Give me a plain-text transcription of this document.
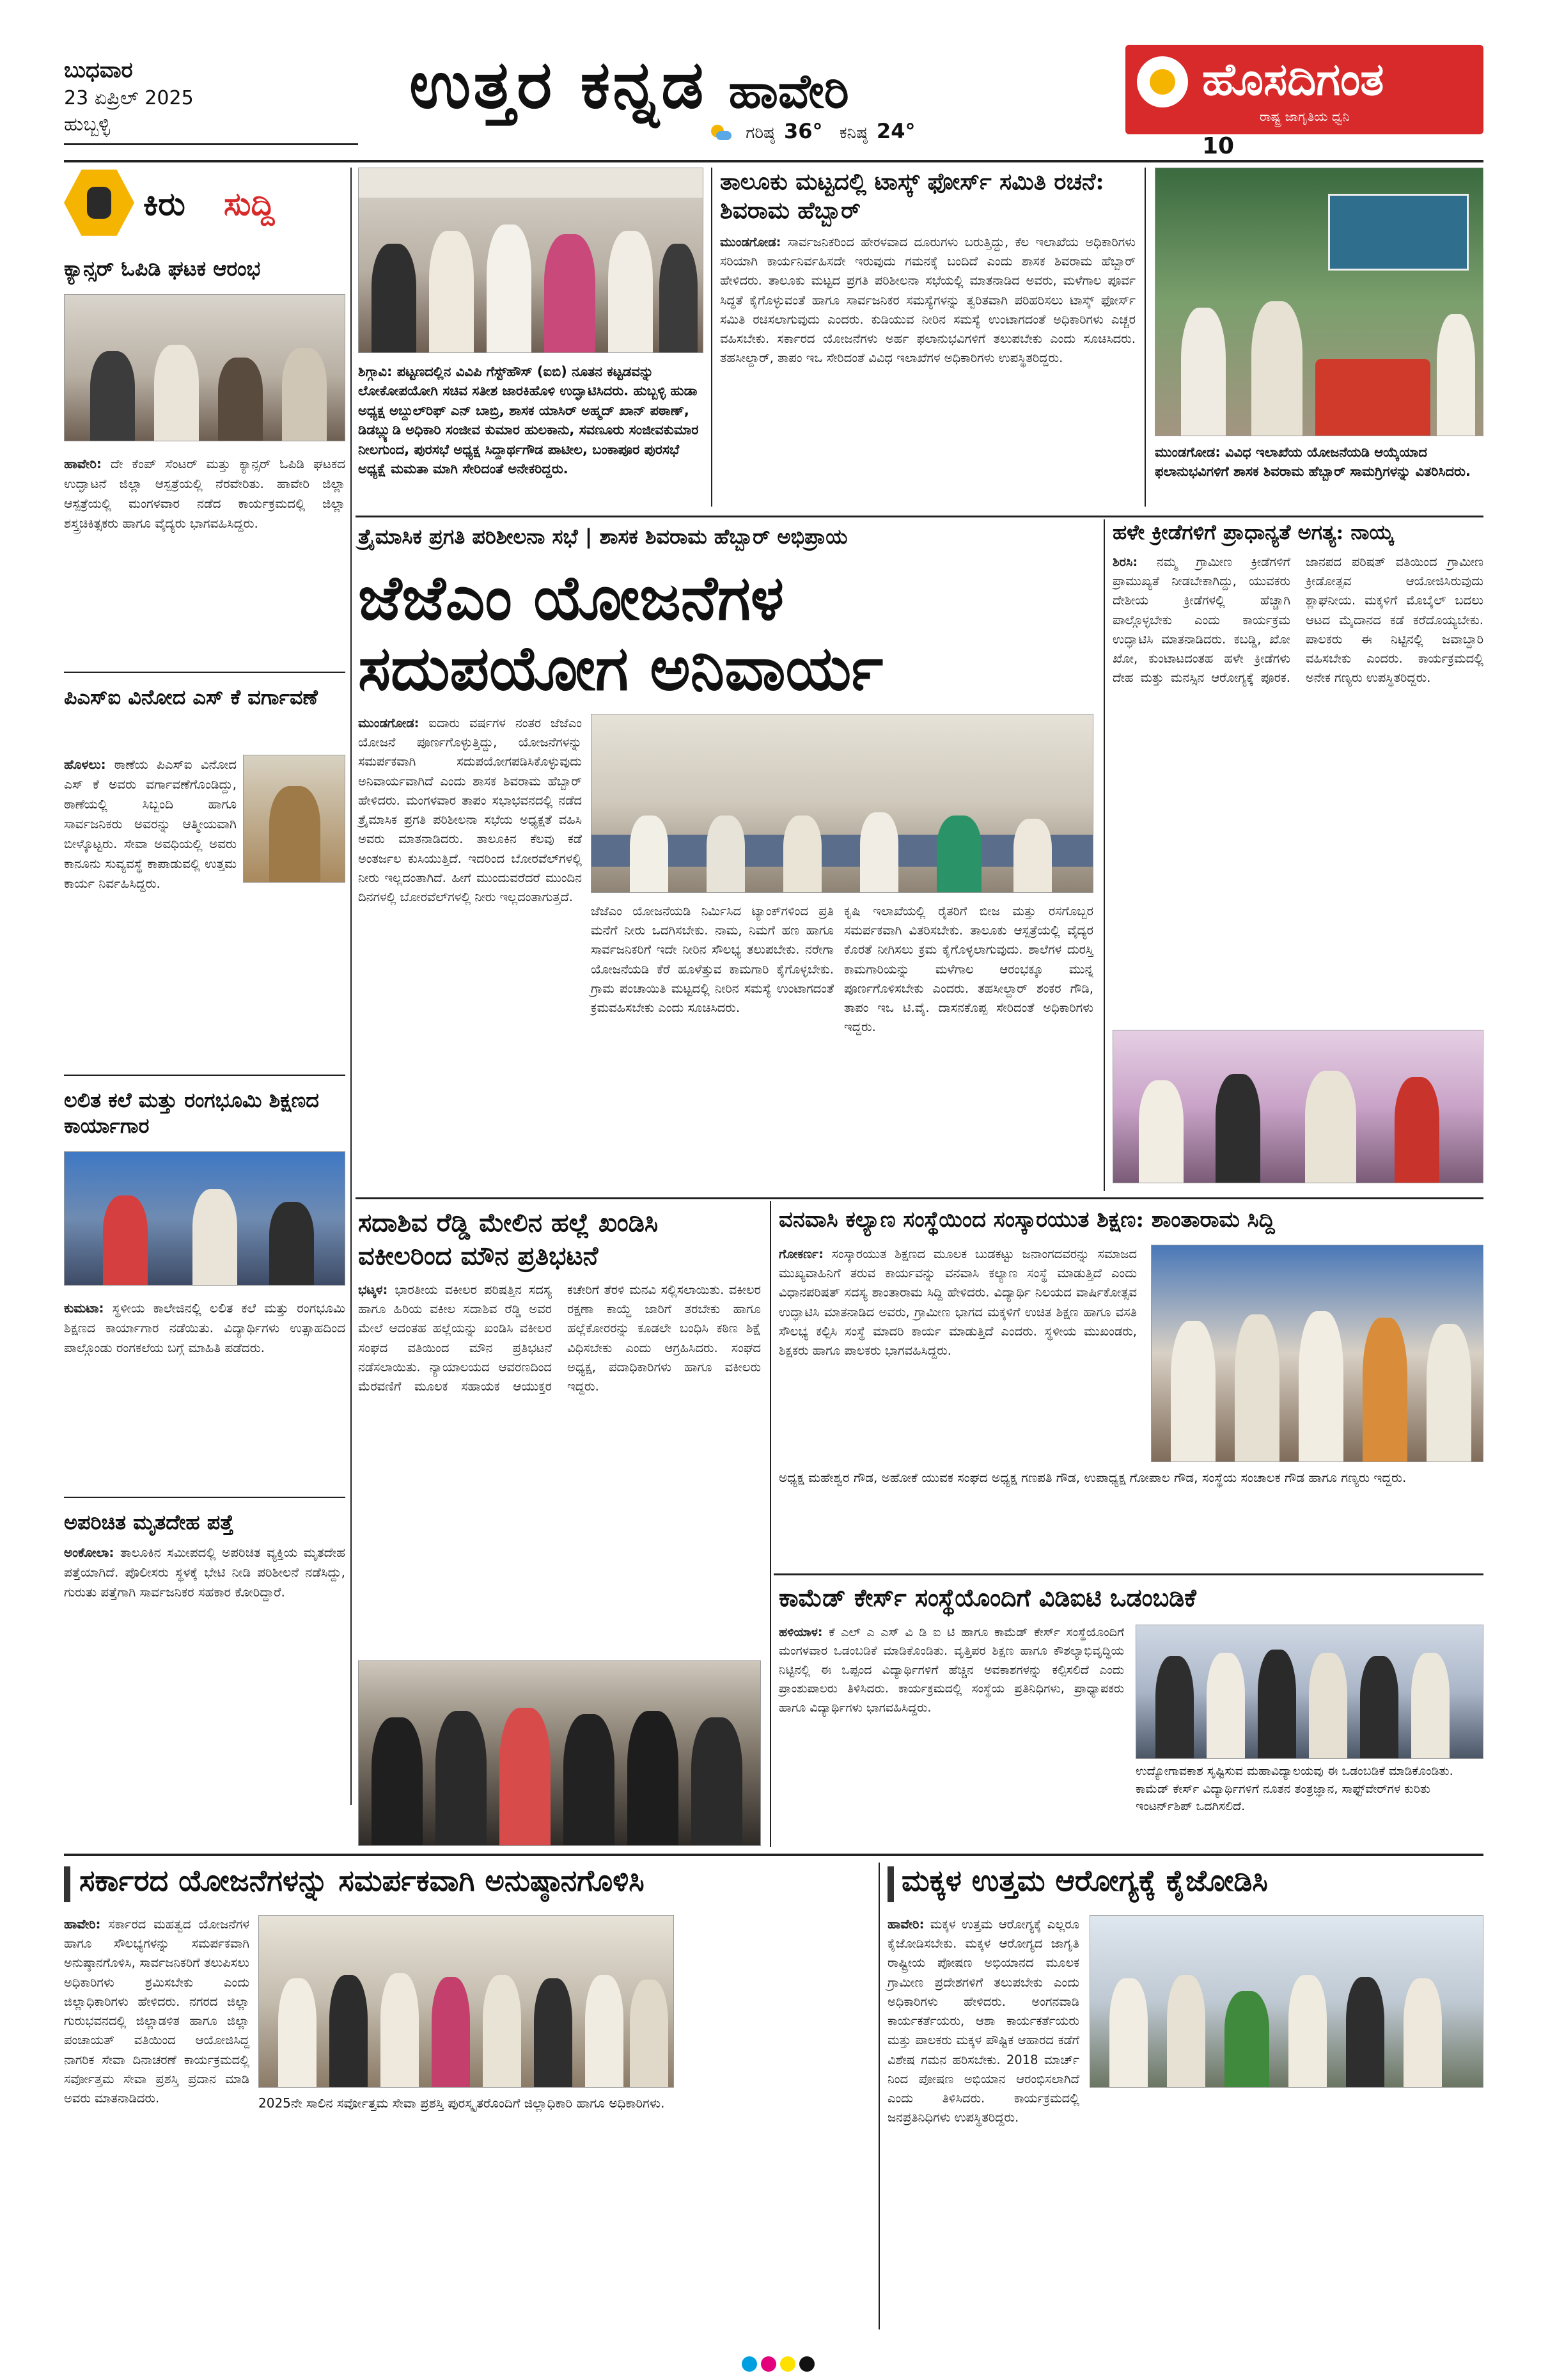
ಬುಧವಾರ
23 ಏಪ್ರಿಲ್ 2025
ಹುಬ್ಬಳ್ಳಿ
ಉತ್ತರ ಕನ್ನಡ ಹಾವೇರಿ
ಗರಿಷ್ಠ 36° ಕನಿಷ್ಠ 24°
ಹೊಸದಿಗಂತ
ರಾಷ್ಟ್ರ ಜಾಗೃತಿಯ ಧ್ವನಿ
10
ಕಿರು ಸುದ್ದಿ
ಕ್ಯಾನ್ಸರ್ ಓಪಿಡಿ ಘಟಕ ಆರಂಭ

ಹಾವೇರಿ: ದೇ ಕೆಂಪ್ ಸೆಂಟರ್ ಮತ್ತು ಕ್ಯಾನ್ಸರ್ ಓಪಿಡಿ ಘಟಕದ ಉದ್ಘಾಟನೆ ಜಿಲ್ಲಾ ಆಸ್ಪತ್ರೆಯಲ್ಲಿ ನೆರವೇರಿತು. ಹಾವೇರಿ ಜಿಲ್ಲಾ ಆಸ್ಪತ್ರೆಯಲ್ಲಿ ಮಂಗಳವಾರ ನಡೆದ ಕಾರ್ಯಕ್ರಮದಲ್ಲಿ ಜಿಲ್ಲಾ ಶಸ್ತ್ರಚಿಕಿತ್ಸಕರು ಹಾಗೂ ವೈದ್ಯರು ಭಾಗವಹಿಸಿದ್ದರು.

ಪಿಎಸ್‌ಐ ವಿನೋದ ಎಸ್ ಕೆ ವರ್ಗಾವಣೆ

ಹೊಳಲು: ಠಾಣೆಯ ಪಿಎಸ್‌ಐ ವಿನೋದ ಎಸ್ ಕೆ ಅವರು ವರ್ಗಾವಣೆಗೊಂಡಿದ್ದು, ಠಾಣೆಯಲ್ಲಿ ಸಿಬ್ಬಂದಿ ಹಾಗೂ ಸಾರ್ವಜನಿಕರು ಅವರನ್ನು ಆತ್ಮೀಯವಾಗಿ ಬೀಳ್ಕೊಟ್ಟರು. ಸೇವಾ ಅವಧಿಯಲ್ಲಿ ಅವರು ಕಾನೂನು ಸುವ್ಯವಸ್ಥೆ ಕಾಪಾಡುವಲ್ಲಿ ಉತ್ತಮ ಕಾರ್ಯ ನಿರ್ವಹಿಸಿದ್ದರು.

ಲಲಿತ ಕಲೆ ಮತ್ತು ರಂಗಭೂಮಿ ಶಿಕ್ಷಣದ ಕಾರ್ಯಾಗಾರ

ಕುಮಟಾ: ಸ್ಥಳೀಯ ಕಾಲೇಜಿನಲ್ಲಿ ಲಲಿತ ಕಲೆ ಮತ್ತು ರಂಗಭೂಮಿ ಶಿಕ್ಷಣದ ಕಾರ್ಯಾಗಾರ ನಡೆಯಿತು. ವಿದ್ಯಾರ್ಥಿಗಳು ಉತ್ಸಾಹದಿಂದ ಪಾಲ್ಗೊಂಡು ರಂಗಕಲೆಯ ಬಗ್ಗೆ ಮಾಹಿತಿ ಪಡೆದರು.

ಅಪರಿಚಿತ ಮೃತದೇಹ ಪತ್ತೆ

ಅಂಕೋಲಾ: ತಾಲೂಕಿನ ಸಮೀಪದಲ್ಲಿ ಅಪರಿಚಿತ ವ್ಯಕ್ತಿಯ ಮೃತದೇಹ ಪತ್ತೆಯಾಗಿದೆ. ಪೊಲೀಸರು ಸ್ಥಳಕ್ಕೆ ಭೇಟಿ ನೀಡಿ ಪರಿಶೀಲನೆ ನಡೆಸಿದ್ದು, ಗುರುತು ಪತ್ತೆಗಾಗಿ ಸಾರ್ವಜನಿಕರ ಸಹಕಾರ ಕೋರಿದ್ದಾರೆ.

ಶಿಗ್ಗಾವಿ: ಪಟ್ಟಣದಲ್ಲಿನ ವಿವಿಪಿ ಗೆಸ್ಟ್‌ಹೌಸ್ (ಐಬಿ) ನೂತನ ಕಟ್ಟಡವನ್ನು ಲೋಕೋಪಯೋಗಿ ಸಚಿವ ಸತೀಶ ಜಾರಕಿಹೊಳಿ ಉದ್ಘಾಟಿಸಿದರು. ಹುಬ್ಬಳ್ಳಿ ಹುಡಾ ಅಧ್ಯಕ್ಷ ಅಬ್ದುಲ್‌ರಿಫ್ ಎನ್ ಬಾಬ್ರಿ, ಶಾಸಕ ಯಾಸಿರ್ ಅಹ್ಮದ್ ಖಾನ್ ಪಠಾಣ್, ಡಿಡಬ್ಲ್ಯುಡಿ ಅಧಿಕಾರಿ ಸಂಜೀವ ಕುಮಾರ ಹುಲಕಾನು, ಸವಣೂರು ಸಂಜೀವಕುಮಾರ ನೀಲಗುಂದ, ಪುರಸಭೆ ಅಧ್ಯಕ್ಷ ಸಿದ್ದಾರ್ಥಗೌಡ ಪಾಟೀಲ, ಬಂಕಾಪೂರ ಪುರಸಭೆ ಅಧ್ಯಕ್ಷೆ ಮಮತಾ ಮಾಗಿ ಸೇರಿದಂತೆ ಅನೇಕರಿದ್ದರು.

ತಾಲೂಕು ಮಟ್ಟದಲ್ಲಿ ಟಾಸ್ಕ್ ಫೋರ್ಸ್ ಸಮಿತಿ ರಚನೆ: ಶಿವರಾಮ ಹೆಬ್ಬಾರ್

ಮುಂಡಗೋಡ: ಸಾರ್ವಜನಿಕರಿಂದ ಹೇರಳವಾದ ದೂರುಗಳು ಬರುತ್ತಿದ್ದು, ಕೆಲ ಇಲಾಖೆಯ ಅಧಿಕಾರಿಗಳು ಸರಿಯಾಗಿ ಕಾರ್ಯನಿರ್ವಹಿಸದೇ ಇರುವುದು ಗಮನಕ್ಕೆ ಬಂದಿದೆ ಎಂದು ಶಾಸಕ ಶಿವರಾಮ ಹೆಬ್ಬಾರ್ ಹೇಳಿದರು. ತಾಲೂಕು ಮಟ್ಟದ ಪ್ರಗತಿ ಪರಿಶೀಲನಾ ಸಭೆಯಲ್ಲಿ ಮಾತನಾಡಿದ ಅವರು, ಮಳೆಗಾಲ ಪೂರ್ವ ಸಿದ್ಧತೆ ಕೈಗೊಳ್ಳುವಂತೆ ಹಾಗೂ ಸಾರ್ವಜನಿಕರ ಸಮಸ್ಯೆಗಳನ್ನು ತ್ವರಿತವಾಗಿ ಪರಿಹರಿಸಲು ಟಾಸ್ಕ್ ಫೋರ್ಸ್ ಸಮಿತಿ ರಚಿಸಲಾಗುವುದು ಎಂದರು. ಕುಡಿಯುವ ನೀರಿನ ಸಮಸ್ಯೆ ಉಂಟಾಗದಂತೆ ಅಧಿಕಾರಿಗಳು ಎಚ್ಚರ ವಹಿಸಬೇಕು. ಸರ್ಕಾರದ ಯೋಜನೆಗಳು ಅರ್ಹ ಫಲಾನುಭವಿಗಳಿಗೆ ತಲುಪಬೇಕು ಎಂದು ಸೂಚಿಸಿದರು. ತಹಸೀಲ್ದಾರ್, ತಾಪಂ ಇಒ ಸೇರಿದಂತೆ ವಿವಿಧ ಇಲಾಖೆಗಳ ಅಧಿಕಾರಿಗಳು ಉಪಸ್ಥಿತರಿದ್ದರು.

ಮುಂಡಗೋಡ: ವಿವಿಧ ಇಲಾಖೆಯ ಯೋಜನೆಯಡಿ ಆಯ್ಕೆಯಾದ ಫಲಾನುಭವಿಗಳಿಗೆ ಶಾಸಕ ಶಿವರಾಮ ಹೆಬ್ಬಾರ್ ಸಾಮಗ್ರಿಗಳನ್ನು ವಿತರಿಸಿದರು.

ತ್ರೈಮಾಸಿಕ ಪ್ರಗತಿ ಪರಿಶೀಲನಾ ಸಭೆ | ಶಾಸಕ ಶಿವರಾಮ ಹೆಬ್ಬಾರ್ ಅಭಿಪ್ರಾಯ
ಜೆಜೆಎಂ ಯೋಜನೆಗಳ
ಸದುಪಯೋಗ ಅನಿವಾರ್ಯ

ಮುಂಡಗೋಡ: ಐದಾರು ವರ್ಷಗಳ ನಂತರ ಜೆಜೆಎಂ ಯೋಜನೆ ಪೂರ್ಣಗೊಳ್ಳುತ್ತಿದ್ದು, ಯೋಜನೆಗಳನ್ನು ಸಮರ್ಪಕವಾಗಿ ಸದುಪಯೋಗಪಡಿಸಿಕೊಳ್ಳುವುದು ಅನಿವಾರ್ಯವಾಗಿದೆ ಎಂದು ಶಾಸಕ ಶಿವರಾಮ ಹೆಬ್ಬಾರ್ ಹೇಳಿದರು. ಮಂಗಳವಾರ ತಾಪಂ ಸಭಾಭವನದಲ್ಲಿ ನಡೆದ ತ್ರೈಮಾಸಿಕ ಪ್ರಗತಿ ಪರಿಶೀಲನಾ ಸಭೆಯ ಅಧ್ಯಕ್ಷತೆ ವಹಿಸಿ ಅವರು ಮಾತನಾಡಿದರು. ತಾಲೂಕಿನ ಕೆಲವು ಕಡೆ ಅಂತರ್ಜಲ ಕುಸಿಯುತ್ತಿದೆ. ಇದರಿಂದ ಬೋರವೆಲ್‌ಗಳಲ್ಲಿ ನೀರು ಇಲ್ಲದಂತಾಗಿದೆ. ಹೀಗೆ ಮುಂದುವರೆದರೆ ಮುಂದಿನ ದಿನಗಳಲ್ಲಿ ಬೋರವೆಲ್‌ಗಳಲ್ಲಿ ನೀರು ಇಲ್ಲದಂತಾಗುತ್ತದೆ.

ಜೆಜೆಎಂ ಯೋಜನೆಯಡಿ ನಿರ್ಮಿಸಿದ ಟ್ಯಾಂಕ್‌ಗಳಿಂದ ಪ್ರತಿ ಮನೆಗೆ ನೀರು ಒದಗಿಸಬೇಕು. ನಾಮ, ನಿಮಗೆ ಹಣ ಹಾಗೂ ಸಾರ್ವಜನಿಕರಿಗೆ ಇದೇ ನೀರಿನ ಸೌಲಭ್ಯ ತಲುಪಬೇಕು. ನರೇಗಾ ಯೋಜನೆಯಡಿ ಕೆರೆ ಹೂಳೆತ್ತುವ ಕಾಮಗಾರಿ ಕೈಗೊಳ್ಳಬೇಕು. ಗ್ರಾಮ ಪಂಚಾಯಿತಿ ಮಟ್ಟದಲ್ಲಿ ನೀರಿನ ಸಮಸ್ಯೆ ಉಂಟಾಗದಂತೆ ಕ್ರಮವಹಿಸಬೇಕು ಎಂದು ಸೂಚಿಸಿದರು.

ಕೃಷಿ ಇಲಾಖೆಯಲ್ಲಿ ರೈತರಿಗೆ ಬೀಜ ಮತ್ತು ರಸಗೊಬ್ಬರ ಸಮರ್ಪಕವಾಗಿ ವಿತರಿಸಬೇಕು. ತಾಲೂಕು ಆಸ್ಪತ್ರೆಯಲ್ಲಿ ವೈದ್ಯರ ಕೊರತೆ ನೀಗಿಸಲು ಕ್ರಮ ಕೈಗೊಳ್ಳಲಾಗುವುದು. ಶಾಲೆಗಳ ದುರಸ್ತಿ ಕಾಮಗಾರಿಯನ್ನು ಮಳೆಗಾಲ ಆರಂಭಕ್ಕೂ ಮುನ್ನ ಪೂರ್ಣಗೊಳಿಸಬೇಕು ಎಂದರು. ತಹಸೀಲ್ದಾರ್ ಶಂಕರ ಗೌಡಿ, ತಾಪಂ ಇಒ ಟಿ.ವೈ. ದಾಸನಕೊಪ್ಪ ಸೇರಿದಂತೆ ಅಧಿಕಾರಿಗಳು ಇದ್ದರು.

ಹಳೇ ಕ್ರೀಡೆಗಳಿಗೆ ಪ್ರಾಧಾನ್ಯತೆ ಅಗತ್ಯ: ನಾಯ್ಕ

ಶಿರಸಿ: ನಮ್ಮ ಗ್ರಾಮೀಣ ಕ್ರೀಡೆಗಳಿಗೆ ಪ್ರಾಮುಖ್ಯತೆ ನೀಡಬೇಕಾಗಿದ್ದು, ಯುವಕರು ದೇಶೀಯ ಕ್ರೀಡೆಗಳಲ್ಲಿ ಹೆಚ್ಚಾಗಿ ಪಾಲ್ಗೊಳ್ಳಬೇಕು ಎಂದು ಕಾರ್ಯಕ್ರಮ ಉದ್ಘಾಟಿಸಿ ಮಾತನಾಡಿದರು. ಕಬಡ್ಡಿ, ಖೋ ಖೋ, ಕುಂಟಾಟದಂತಹ ಹಳೇ ಕ್ರೀಡೆಗಳು ದೇಹ ಮತ್ತು ಮನಸ್ಸಿನ ಆರೋಗ್ಯಕ್ಕೆ ಪೂರಕ. ಜಾನಪದ ಪರಿಷತ್ ವತಿಯಿಂದ ಗ್ರಾಮೀಣ ಕ್ರೀಡೋತ್ಸವ ಆಯೋಜಿಸಿರುವುದು ಶ್ಲಾಘನೀಯ. ಮಕ್ಕಳಿಗೆ ಮೊಬೈಲ್ ಬದಲು ಆಟದ ಮೈದಾನದ ಕಡೆ ಕರೆದೊಯ್ಯಬೇಕು. ಪಾಲಕರು ಈ ನಿಟ್ಟಿನಲ್ಲಿ ಜವಾಬ್ದಾರಿ ವಹಿಸಬೇಕು ಎಂದರು. ಕಾರ್ಯಕ್ರಮದಲ್ಲಿ ಅನೇಕ ಗಣ್ಯರು ಉಪಸ್ಥಿತರಿದ್ದರು.

ಸದಾಶಿವ ರೆಡ್ಡಿ ಮೇಲಿನ ಹಲ್ಲೆ ಖಂಡಿಸಿ
ವಕೀಲರಿಂದ ಮೌನ ಪ್ರತಿಭಟನೆ

ಭಟ್ಕಳ: ಭಾರತೀಯ ವಕೀಲರ ಪರಿಷತ್ತಿನ ಸದಸ್ಯ ಹಾಗೂ ಹಿರಿಯ ವಕೀಲ ಸದಾಶಿವ ರೆಡ್ಡಿ ಅವರ ಮೇಲೆ ಆದಂತಹ ಹಲ್ಲೆಯನ್ನು ಖಂಡಿಸಿ ವಕೀಲರ ಸಂಘದ ವತಿಯಿಂದ ಮೌನ ಪ್ರತಿಭಟನೆ ನಡೆಸಲಾಯಿತು. ನ್ಯಾಯಾಲಯದ ಆವರಣದಿಂದ ಮೆರವಣಿಗೆ ಮೂಲಕ ಸಹಾಯಕ ಆಯುಕ್ತರ ಕಚೇರಿಗೆ ತೆರಳಿ ಮನವಿ ಸಲ್ಲಿಸಲಾಯಿತು. ವಕೀಲರ ರಕ್ಷಣಾ ಕಾಯ್ದೆ ಜಾರಿಗೆ ತರಬೇಕು ಹಾಗೂ ಹಲ್ಲೆಕೋರರನ್ನು ಕೂಡಲೇ ಬಂಧಿಸಿ ಕಠಿಣ ಶಿಕ್ಷೆ ವಿಧಿಸಬೇಕು ಎಂದು ಆಗ್ರಹಿಸಿದರು. ಸಂಘದ ಅಧ್ಯಕ್ಷ, ಪದಾಧಿಕಾರಿಗಳು ಹಾಗೂ ವಕೀಲರು ಇದ್ದರು.

ವನವಾಸಿ ಕಲ್ಯಾಣ ಸಂಸ್ಥೆಯಿಂದ ಸಂಸ್ಕಾರಯುತ ಶಿಕ್ಷಣ: ಶಾಂತಾರಾಮ ಸಿದ್ದಿ

ಗೋಕರ್ಣ: ಸಂಸ್ಕಾರಯುತ ಶಿಕ್ಷಣದ ಮೂಲಕ ಬುಡಕಟ್ಟು ಜನಾಂಗದವರನ್ನು ಸಮಾಜದ ಮುಖ್ಯವಾಹಿನಿಗೆ ತರುವ ಕಾರ್ಯವನ್ನು ವನವಾಸಿ ಕಲ್ಯಾಣ ಸಂಸ್ಥೆ ಮಾಡುತ್ತಿದೆ ಎಂದು ವಿಧಾನಪರಿಷತ್ ಸದಸ್ಯ ಶಾಂತಾರಾಮ ಸಿದ್ದಿ ಹೇಳಿದರು. ವಿದ್ಯಾರ್ಥಿ ನಿಲಯದ ವಾರ್ಷಿಕೋತ್ಸವ ಉದ್ಘಾಟಿಸಿ ಮಾತನಾಡಿದ ಅವರು, ಗ್ರಾಮೀಣ ಭಾಗದ ಮಕ್ಕಳಿಗೆ ಉಚಿತ ಶಿಕ್ಷಣ ಹಾಗೂ ವಸತಿ ಸೌಲಭ್ಯ ಕಲ್ಪಿಸಿ ಸಂಸ್ಥೆ ಮಾದರಿ ಕಾರ್ಯ ಮಾಡುತ್ತಿದೆ ಎಂದರು. ಸ್ಥಳೀಯ ಮುಖಂಡರು, ಶಿಕ್ಷಕರು ಹಾಗೂ ಪಾಲಕರು ಭಾಗವಹಿಸಿದ್ದರು.

ಅಧ್ಯಕ್ಷ ಮಹೇಶ್ವರ ಗೌಡ, ಅಹೋಕೆ ಯುವಕ ಸಂಘದ ಅಧ್ಯಕ್ಷ ಗಣಪತಿ ಗೌಡ, ಉಪಾಧ್ಯಕ್ಷ ಗೋಪಾಲ ಗೌಡ, ಸಂಸ್ಥೆಯ ಸಂಚಾಲಕ ಗೌಡ ಹಾಗೂ ಗಣ್ಯರು ಇದ್ದರು.

ಕಾಮೆಡ್ ಕೇರ್ಸ್ ಸಂಸ್ಥೆಯೊಂದಿಗೆ ವಿಡಿಐಟಿ ಒಡಂಬಡಿಕೆ

ಹಳಿಯಾಳ: ಕೆ ಎಲ್ ಎ ಎಸ್ ವಿ ಡಿ ಐ ಟಿ ಹಾಗೂ ಕಾಮೆಡ್ ಕೇರ್ಸ್ ಸಂಸ್ಥೆಯೊಂದಿಗೆ ಮಂಗಳವಾರ ಒಡಂಬಡಿಕೆ ಮಾಡಿಕೊಂಡಿತು. ವೃತ್ತಿಪರ ಶಿಕ್ಷಣ ಹಾಗೂ ಕೌಶಲ್ಯಾಭಿವೃದ್ಧಿಯ ನಿಟ್ಟಿನಲ್ಲಿ ಈ ಒಪ್ಪಂದ ವಿದ್ಯಾರ್ಥಿಗಳಿಗೆ ಹೆಚ್ಚಿನ ಅವಕಾಶಗಳನ್ನು ಕಲ್ಪಿಸಲಿದೆ ಎಂದು ಪ್ರಾಂಶುಪಾಲರು ತಿಳಿಸಿದರು. ಕಾರ್ಯಕ್ರಮದಲ್ಲಿ ಸಂಸ್ಥೆಯ ಪ್ರತಿನಿಧಿಗಳು, ಪ್ರಾಧ್ಯಾಪಕರು ಹಾಗೂ ವಿದ್ಯಾರ್ಥಿಗಳು ಭಾಗವಹಿಸಿದ್ದರು.

ಉದ್ಯೋಗಾವಕಾಶ ಸೃಷ್ಟಿಸುವ ಮಹಾವಿದ್ಯಾಲಯವು ಈ ಒಡಂಬಡಿಕೆ ಮಾಡಿಕೊಂಡಿತು. ಕಾಮೆಡ್ ಕೇರ್ಸ್ ವಿದ್ಯಾರ್ಥಿಗಳಿಗೆ ನೂತನ ತಂತ್ರಜ್ಞಾನ, ಸಾಫ್ಟ್‌ವೇರ್‌ಗಳ ಕುರಿತು ಇಂಟರ್ನ್‌ಶಿಪ್ ಒದಗಿಸಲಿದೆ.

ಸರ್ಕಾರದ ಯೋಜನೆಗಳನ್ನು ಸಮರ್ಪಕವಾಗಿ ಅನುಷ್ಠಾನಗೊಳಿಸಿ

ಹಾವೇರಿ: ಸರ್ಕಾರದ ಮಹತ್ವದ ಯೋಜನೆಗಳ ಹಾಗೂ ಸೌಲಭ್ಯಗಳನ್ನು ಸಮರ್ಪಕವಾಗಿ ಅನುಷ್ಠಾನಗೊಳಿಸಿ, ಸಾರ್ವಜನಿಕರಿಗೆ ತಲುಪಿಸಲು ಅಧಿಕಾರಿಗಳು ಶ್ರಮಿಸಬೇಕು ಎಂದು ಜಿಲ್ಲಾಧಿಕಾರಿಗಳು ಹೇಳಿದರು. ನಗರದ ಜಿಲ್ಲಾ ಗುರುಭವನದಲ್ಲಿ ಜಿಲ್ಲಾಡಳಿತ ಹಾಗೂ ಜಿಲ್ಲಾ ಪಂಚಾಯತ್ ವತಿಯಿಂದ ಆಯೋಜಿಸಿದ್ದ ನಾಗರಿಕ ಸೇವಾ ದಿನಾಚರಣೆ ಕಾರ್ಯಕ್ರಮದಲ್ಲಿ ಸರ್ವೋತ್ತಮ ಸೇವಾ ಪ್ರಶಸ್ತಿ ಪ್ರದಾನ ಮಾಡಿ ಅವರು ಮಾತನಾಡಿದರು.	2025ನೇ ಸಾಲಿನ ಸರ್ವೋತ್ತಮ ಸೇವಾ ಪ್ರಶಸ್ತಿ ಪುರಸ್ಕೃತರೊಂದಿಗೆ ಜಿಲ್ಲಾಧಿಕಾರಿ ಹಾಗೂ ಅಧಿಕಾರಿಗಳು.

ಮಕ್ಕಳ ಉತ್ತಮ ಆರೋಗ್ಯಕ್ಕೆ ಕೈಜೋಡಿಸಿ

ಹಾವೇರಿ: ಮಕ್ಕಳ ಉತ್ತಮ ಆರೋಗ್ಯಕ್ಕೆ ಎಲ್ಲರೂ ಕೈಜೋಡಿಸಬೇಕು. ಮಕ್ಕಳ ಆರೋಗ್ಯದ ಜಾಗೃತಿ ರಾಷ್ಟ್ರೀಯ ಪೋಷಣ ಅಭಿಯಾನದ ಮೂಲಕ ಗ್ರಾಮೀಣ ಪ್ರದೇಶಗಳಿಗೆ ತಲುಪಬೇಕು ಎಂದು ಅಧಿಕಾರಿಗಳು ಹೇಳಿದರು. ಅಂಗನವಾಡಿ ಕಾರ್ಯಕರ್ತೆಯರು, ಆಶಾ ಕಾರ್ಯಕರ್ತೆಯರು ಮತ್ತು ಪಾಲಕರು ಮಕ್ಕಳ ಪೌಷ್ಟಿಕ ಆಹಾರದ ಕಡೆಗೆ ವಿಶೇಷ ಗಮನ ಹರಿಸಬೇಕು. 2018 ಮಾರ್ಚ್ ನಿಂದ ಪೋಷಣ ಅಭಿಯಾನ ಆರಂಭಿಸಲಾಗಿದೆ ಎಂದು ತಿಳಿಸಿದರು. ಕಾರ್ಯಕ್ರಮದಲ್ಲಿ ಜನಪ್ರತಿನಿಧಿಗಳು ಉಪಸ್ಥಿತರಿದ್ದರು.
